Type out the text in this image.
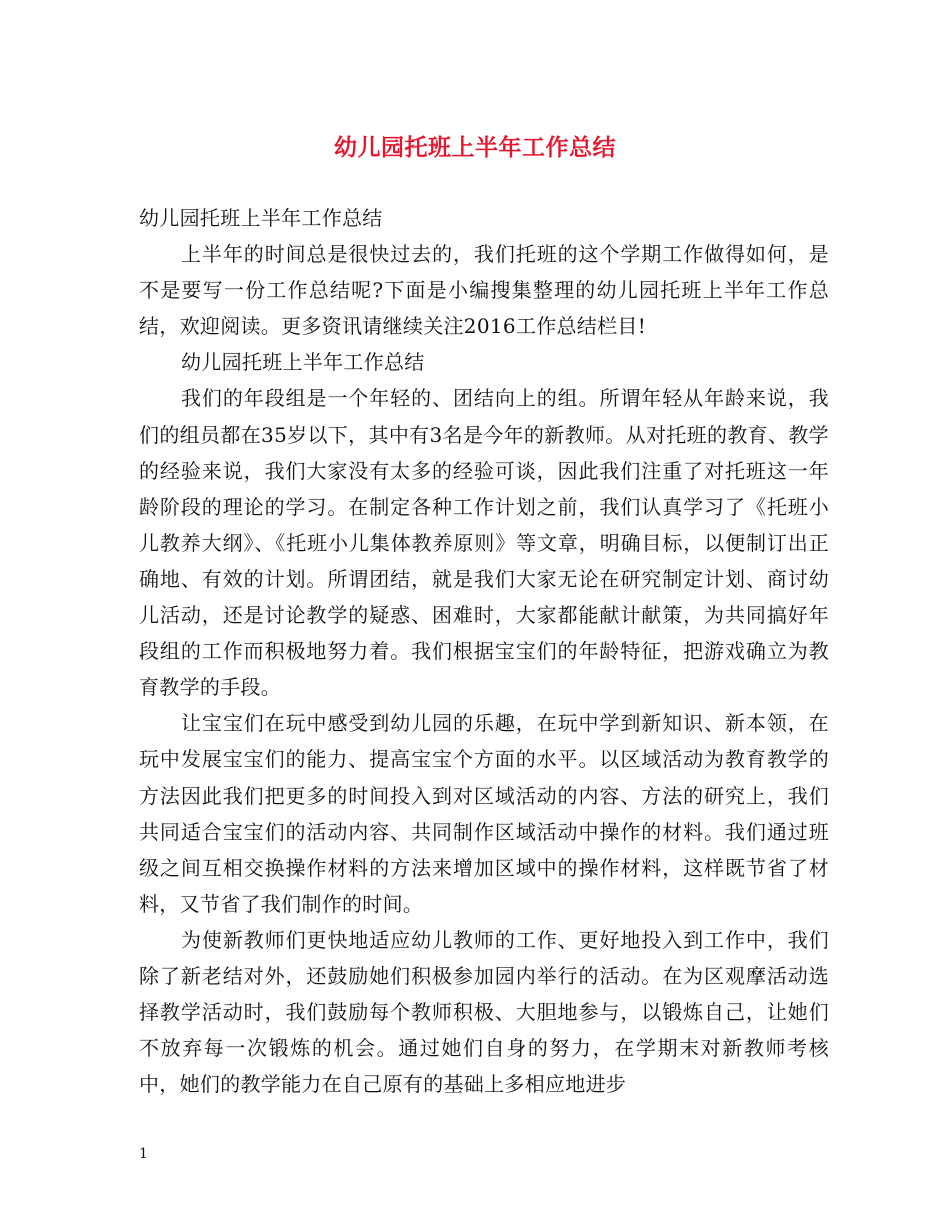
幼儿园托班上半年工作总结

幼儿园托班上半年工作总结

上半年的时间总是很快过去的，我们托班的这个学期工作做得如何，是不是要写一份工作总结呢?下面是小编搜集整理的幼儿园托班上半年工作总结，欢迎阅读。更多资讯请继续关注2016工作总结栏目!

幼儿园托班上半年工作总结

我们的年段组是一个年轻的、团结向上的组。所谓年轻从年龄来说，我们的组员都在35岁以下，其中有3名是今年的新教师。从对托班的教育、教学的经验来说，我们大家没有太多的经验可谈，因此我们注重了对托班这一年龄阶段的理论的学习。在制定各种工作计划之前，我们认真学习了《托班小儿教养大纲》、《托班小儿集体教养原则》等文章，明确目标，以便制订出正确地、有效的计划。所谓团结，就是我们大家无论在研究制定计划、商讨幼儿活动，还是讨论教学的疑惑、困难时，大家都能献计献策，为共同搞好年段组的工作而积极地努力着。我们根据宝宝们的年龄特征，把游戏确立为教育教学的手段。

让宝宝们在玩中感受到幼儿园的乐趣，在玩中学到新知识、新本领，在玩中发展宝宝们的能力、提高宝宝个方面的水平。以区域活动为教育教学的方法因此我们把更多的时间投入到对区域活动的内容、方法的研究上，我们共同适合宝宝们的活动内容、共同制作区域活动中操作的材料。我们通过班级之间互相交换操作材料的方法来增加区域中的操作材料，这样既节省了材料，又节省了我们制作的时间。

为使新教师们更快地适应幼儿教师的工作、更好地投入到工作中，我们除了新老结对外，还鼓励她们积极参加园内举行的活动。在为区观摩活动选择教学活动时，我们鼓励每个教师积极、大胆地参与，以锻炼自己，让她们不放弃每一次锻炼的机会。通过她们自身的努力，在学期末对新教师考核中，她们的教学能力在自己原有的基础上多相应地进步

1
